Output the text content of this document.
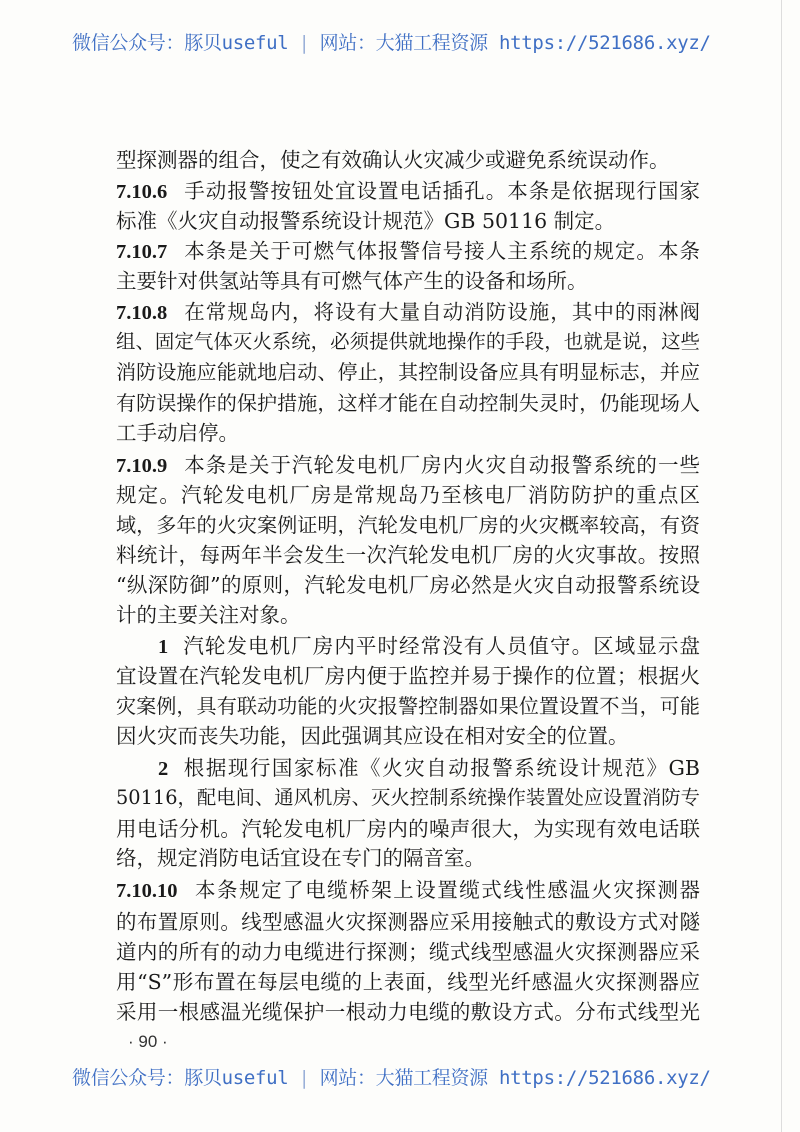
微信公众号：豚贝useful | 网站：大猫工程资源 https://521686.xyz/
型探测器的组合，使之有效确认火灾减少或避免系统误动作。
7.10.6 手动报警按钮处宜设置电话插孔。本条是依据现行国家
标准《火灾自动报警系统设计规范》GB 50116 制定。
7.10.7 本条是关于可燃气体报警信号接人主系统的规定。本条
主要针对供氢站等具有可燃气体产生的设备和场所。
7.10.8 在常规岛内，将设有大量自动消防设施，其中的雨淋阀
组、固定气体灭火系统，必须提供就地操作的手段，也就是说，这些
消防设施应能就地启动、停止，其控制设备应具有明显标志，并应
有防误操作的保护措施，这样才能在自动控制失灵时，仍能现场人
工手动启停。
7.10.9 本条是关于汽轮发电机厂房内火灾自动报警系统的一些
规定。汽轮发电机厂房是常规岛乃至核电厂消防防护的重点区
域，多年的火灾案例证明，汽轮发电机厂房的火灾概率较高，有资
料统计，每两年半会发生一次汽轮发电机厂房的火灾事故。按照
“纵深防御”的原则，汽轮发电机厂房必然是火灾自动报警系统设
计的主要关注对象。
1 汽轮发电机厂房内平时经常没有人员值守。区域显示盘
宜设置在汽轮发电机厂房内便于监控并易于操作的位置；根据火
灾案例，具有联动功能的火灾报警控制器如果位置设置不当，可能
因火灾而丧失功能，因此强调其应设在相对安全的位置。
2 根据现行国家标准《火灾自动报警系统设计规范》GB
50116，配电间、通风机房、灭火控制系统操作装置处应设置消防专
用电话分机。汽轮发电机厂房内的噪声很大，为实现有效电话联
络，规定消防电话宜设在专门的隔音室。
7.10.10 本条规定了电缆桥架上设置缆式线性感温火灾探测器
的布置原则。线型感温火灾探测器应采用接触式的敷设方式对隧
道内的所有的动力电缆进行探测；缆式线型感温火灾探测器应采
用“S”形布置在每层电缆的上表面，线型光纤感温火灾探测器应
采用一根感温光缆保护一根动力电缆的敷设方式。分布式线型光
· 90 ·
微信公众号：豚贝useful | 网站：大猫工程资源 https://521686.xyz/
